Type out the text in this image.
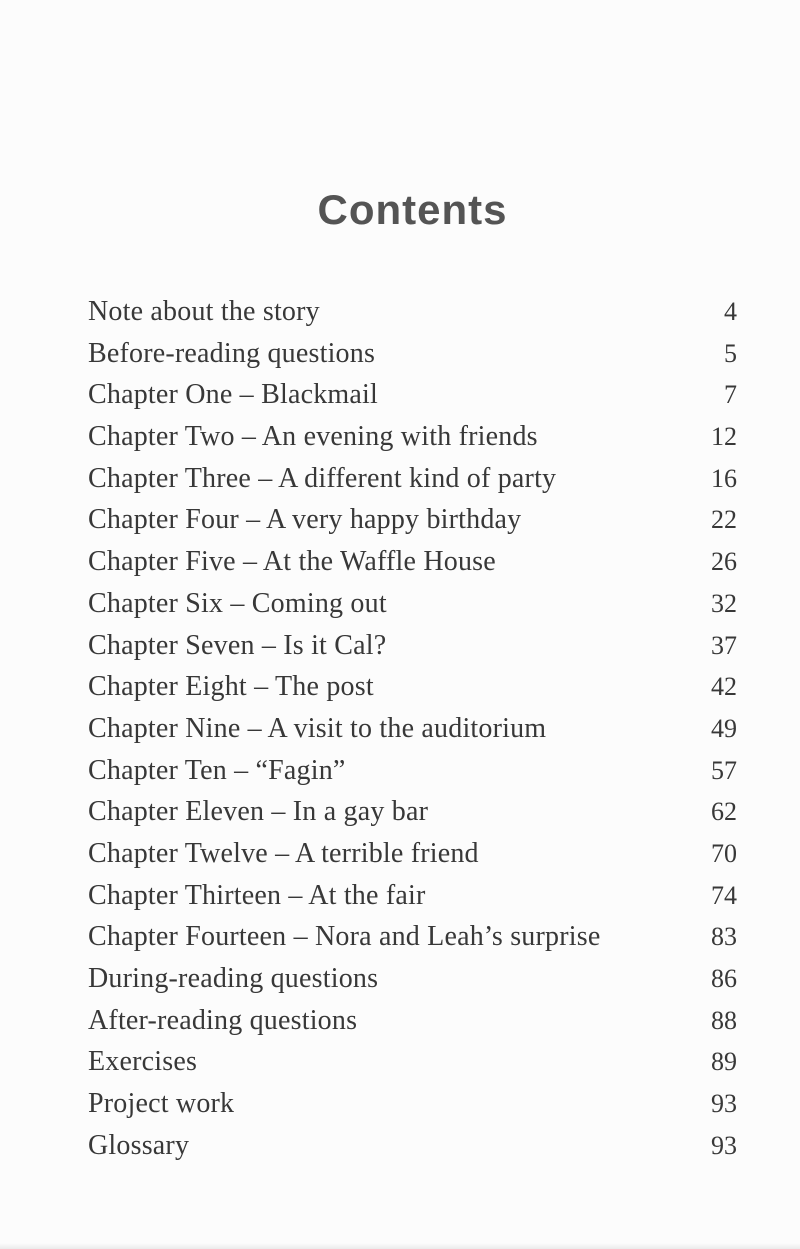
Contents
Note about the story	4
Before-reading questions	5
Chapter One – Blackmail	7
Chapter Two – An evening with friends	12
Chapter Three – A different kind of party	16
Chapter Four – A very happy birthday	22
Chapter Five – At the Waffle House	26
Chapter Six – Coming out	32
Chapter Seven – Is it Cal?	37
Chapter Eight – The post	42
Chapter Nine – A visit to the auditorium	49
Chapter Ten – “Fagin”	57
Chapter Eleven – In a gay bar	62
Chapter Twelve – A terrible friend	70
Chapter Thirteen – At the fair	74
Chapter Fourteen – Nora and Leah’s surprise	83
During-reading questions	86
After-reading questions	88
Exercises	89
Project work	93
Glossary	93
